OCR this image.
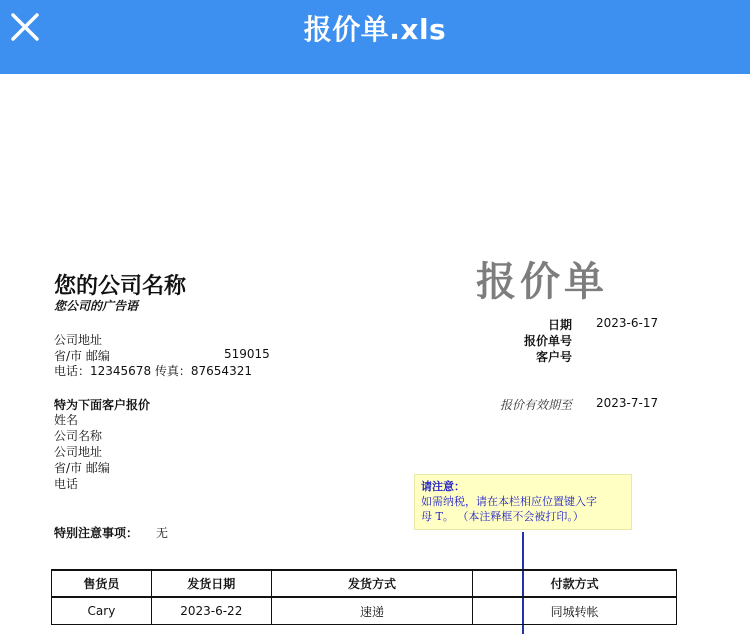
报价单.xls
您的公司名称
您公司的广告语
报价单
公司地址
省/市 邮编	519015
电话：12345678 传真：87654321
日期 2023-6-17
报价单号
客户号
报价有效期至 2023-7-17
特为下面客户报价
姓名
公司名称
公司地址
省/市 邮编
电话
特别注意事项： 无
请注意：
如需纳税，请在本栏相应位置键入字
母 T。 （本注释框不会被打印。）
售货员	发货日期	发货方式	付款方式
Cary	2023-6-22	速递	同城转帐
